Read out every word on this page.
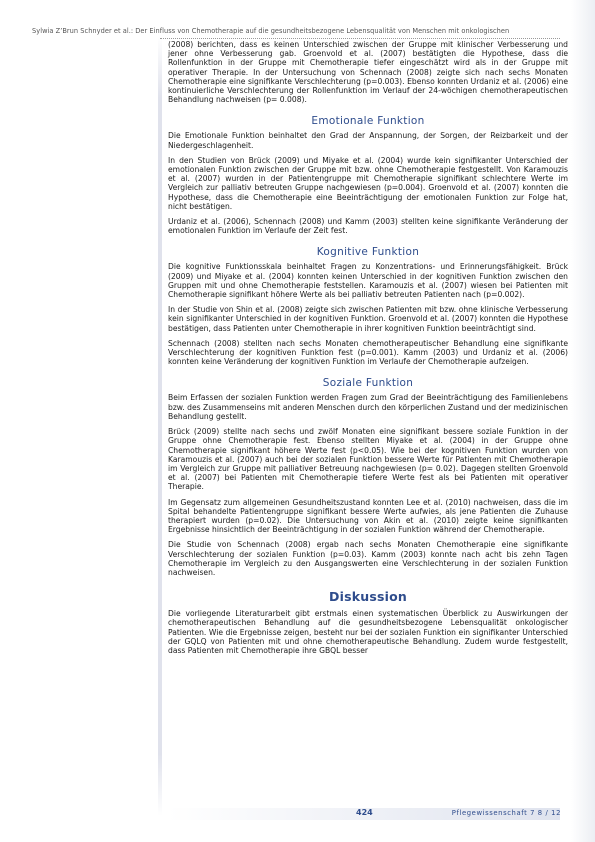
Sylwia Z’Brun Schnyder et al.: Der Einfluss von Chemotherapie auf die gesundheitsbezogene Lebensqualität von Menschen mit onkologischen

(2008) berichten, dass es keinen Unterschied zwischen der Gruppe mit klinischer Verbesserung und jener ohne Verbesserung gab. Groenvold et al. (2007) bestätigten die Hypothese, dass die Rollenfunktion in der Gruppe mit Chemotherapie tiefer eingeschätzt wird als in der Gruppe mit operativer Therapie. In der Untersuchung von Schennach (2008) zeigte sich nach sechs Monaten Chemotherapie eine signifikante Verschlechterung (p=0.003). Ebenso konnten Urdaniz et al. (2006) eine kontinuierliche Verschlechterung der Rollenfunktion im Verlauf der 24-wöchigen chemotherapeutischen Behandlung nachweisen (p= 0.008).

Emotionale Funktion

Die Emotionale Funktion beinhaltet den Grad der Anspannung, der Sorgen, der Reizbarkeit und der Niedergeschlagenheit.

In den Studien von Brück (2009) und Miyake et al. (2004) wurde kein signifikanter Unterschied der emotionalen Funktion zwischen der Gruppe mit bzw. ohne Chemotherapie festgestellt. Von Karamouzis et al. (2007) wurden in der Patientengruppe mit Chemotherapie signifikant schlechtere Werte im Vergleich zur palliativ betreuten Gruppe nachgewiesen (p=0.004). Groenvold et al. (2007) konnten die Hypothese, dass die Chemotherapie eine Beeinträchtigung der emotionalen Funktion zur Folge hat, nicht bestätigen.

Urdaniz et al. (2006), Schennach (2008) und Kamm (2003) stellten keine signifikante Veränderung der emotionalen Funktion im Verlaufe der Zeit fest.

Kognitive Funktion

Die kognitive Funktionsskala beinhaltet Fragen zu Konzentrations- und Erinnerungsfähigkeit. Brück (2009) und Miyake et al. (2004) konnten keinen Unterschied in der kognitiven Funktion zwischen den Gruppen mit und ohne Chemotherapie feststellen. Karamouzis et al. (2007) wiesen bei Patienten mit Chemotherapie signifikant höhere Werte als bei palliativ betreuten Patienten nach (p=0.002).

In der Studie von Shin et al. (2008) zeigte sich zwischen Patienten mit bzw. ohne klinische Verbesserung kein signifikanter Unterschied in der kognitiven Funktion. Groenvold et al. (2007) konnten die Hypothese bestätigen, dass Patienten unter Chemotherapie in ihrer kognitiven Funktion beeinträchtigt sind.

Schennach (2008) stellten nach sechs Monaten chemotherapeutischer Behandlung eine signifikante Verschlechterung der kognitiven Funktion fest (p=0.001). Kamm (2003) und Urdaniz et al. (2006) konnten keine Veränderung der kognitiven Funktion im Verlaufe der Chemotherapie aufzeigen.

Soziale Funktion

Beim Erfassen der sozialen Funktion werden Fragen zum Grad der Beeinträchtigung des Familienlebens bzw. des Zusammenseins mit anderen Menschen durch den körperlichen Zustand und der medizinischen Behandlung gestellt.

Brück (2009) stellte nach sechs und zwölf Monaten eine signifikant bessere soziale Funktion in der Gruppe ohne Chemotherapie fest. Ebenso stellten Miyake et al. (2004) in der Gruppe ohne Chemotherapie signifikant höhere Werte fest (p<0.05). Wie bei der kognitiven Funktion wurden von Karamouzis et al. (2007) auch bei der sozialen Funktion bessere Werte für Patienten mit Chemotherapie im Vergleich zur Gruppe mit palliativer Betreuung nachgewiesen (p= 0.02). Dagegen stellten Groenvold et al. (2007) bei Patienten mit Chemotherapie tiefere Werte fest als bei Patienten mit operativer Therapie.

Im Gegensatz zum allgemeinen Gesundheitszustand konnten Lee et al. (2010) nachweisen, dass die im Spital behandelte Patientengruppe signifikant bessere Werte aufwies, als jene Patienten die Zuhause therapiert wurden (p=0.02). Die Untersuchung von Akin et al. (2010) zeigte keine signifikanten Ergebnisse hinsichtlich der Beeinträchtigung in der sozialen Funktion während der Chemotherapie.

Die Studie von Schennach (2008) ergab nach sechs Monaten Chemotherapie eine signifikante Verschlechterung der sozialen Funktion (p=0.03). Kamm (2003) konnte nach acht bis zehn Tagen Chemotherapie im Vergleich zu den Ausgangswerten eine Verschlechterung in der sozialen Funktion nachweisen.

Diskussion

Die vorliegende Literaturarbeit gibt erstmals einen systematischen Überblick zu Auswirkungen der chemotherapeutischen Behandlung auf die gesundheitsbezogene Lebensqualität onkologischer Patienten. Wie die Ergebnisse zeigen, besteht nur bei der sozialen Funktion ein signifikanter Unterschied der GQLQ von Patienten mit und ohne chemotherapeutische Behandlung. Zudem wurde festgestellt, dass Patienten mit Chemotherapie ihre GBQL besser

424	Pflegewissenschaft 7 8 / 12
